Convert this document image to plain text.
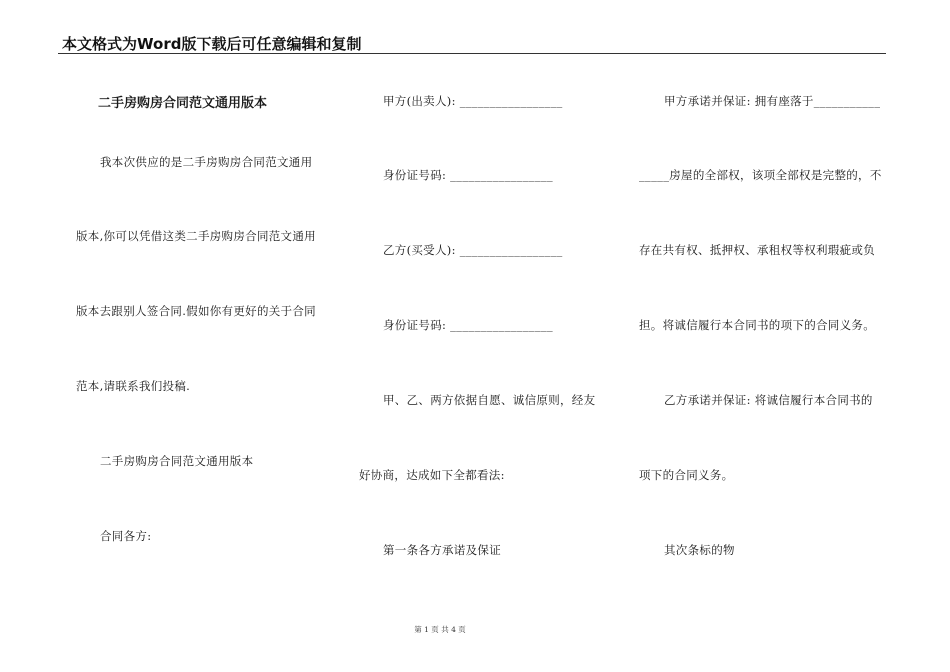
本文格式为Word版下载后可任意编辑和复制
二手房购房合同范文通用版本
我本次供应的是二手房购房合同范文通用
版本,你可以凭借这类二手房购房合同范文通用
版本去跟别人签合同.假如你有更好的关于合同
范本,请联系我们投稿.
二手房购房合同范文通用版本
合同各方:
甲方(出卖人): _________________
身份证号码: _________________
乙方(买受人): _________________
身份证号码: _________________
甲、乙、两方依据自愿、诚信原则，经友
好协商，达成如下全都看法:
第一条各方承诺及保证
甲方承诺并保证: 拥有座落于___________
_____房屋的全部权，该项全部权是完整的，不
存在共有权、抵押权、承租权等权利瑕疵或负
担。将诚信履行本合同书的项下的合同义务。
乙方承诺并保证: 将诚信履行本合同书的
项下的合同义务。
其次条标的物
第 1 页 共 4 页
